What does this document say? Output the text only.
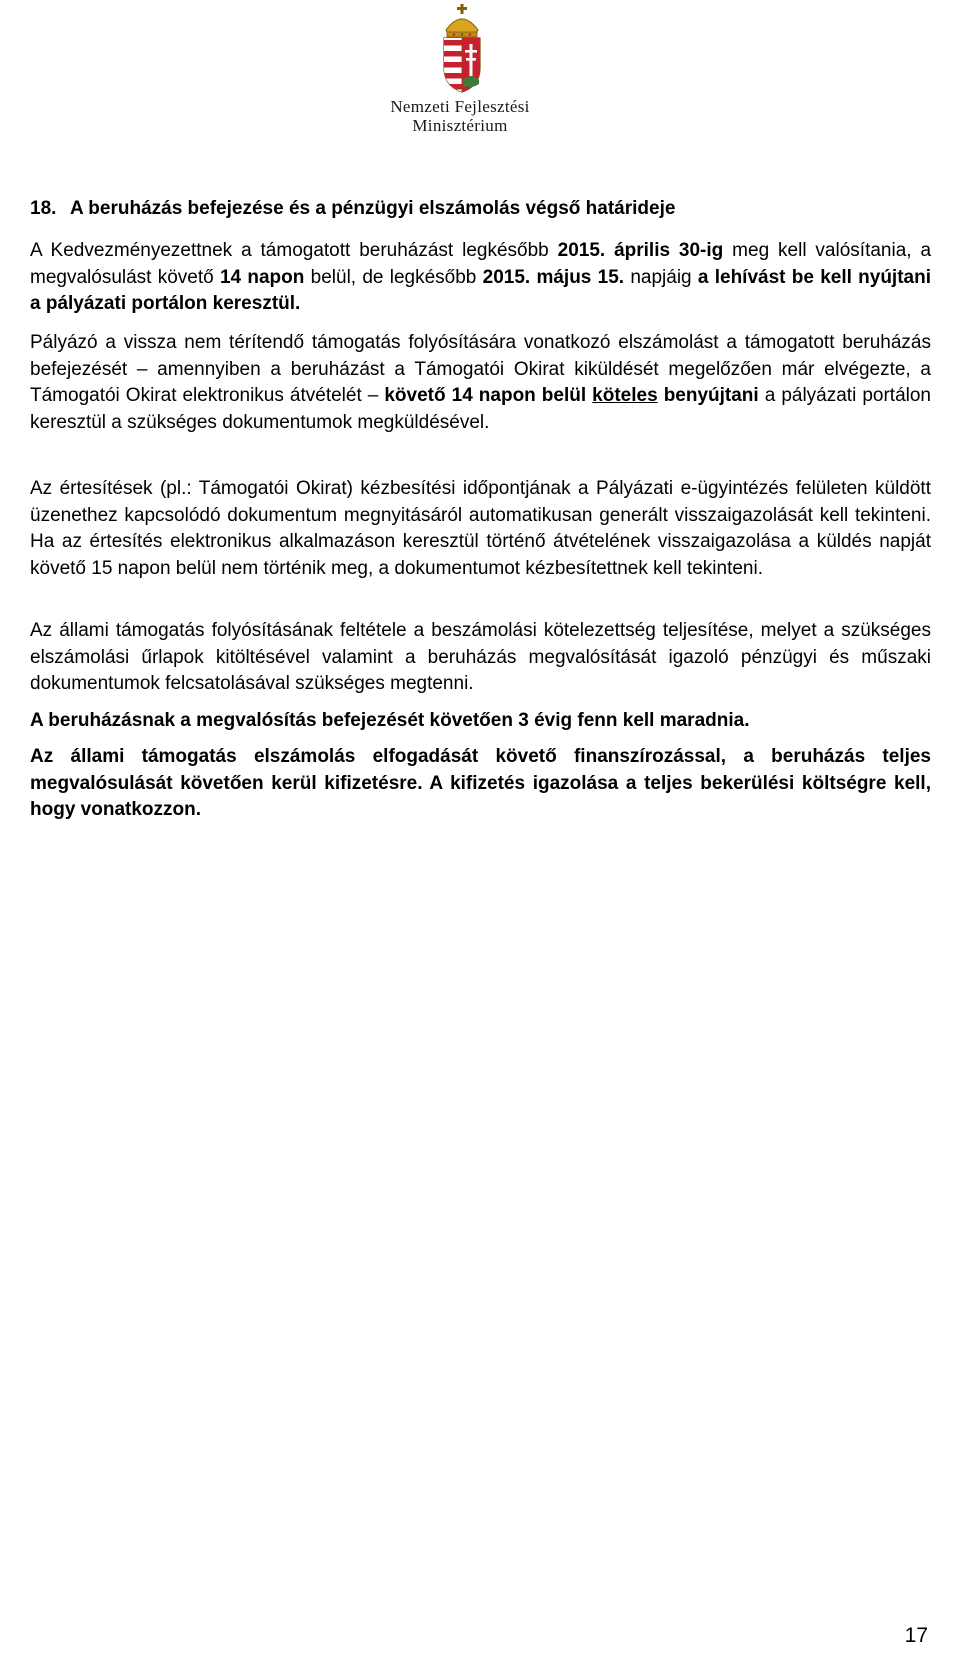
Nemzeti Fejlesztési
Minisztérium
18. A beruházás befejezése és a pénzügyi elszámolás végső határideje

A Kedvezményezettnek a támogatott beruházást legkésőbb 2015. április 30-ig meg kell valósítania, a megvalósulást követő 14 napon belül, de legkésőbb 2015. május 15. napjáig a lehívást be kell nyújtani a pályázati portálon keresztül.

Pályázó a vissza nem térítendő támogatás folyósítására vonatkozó elszámolást a támogatott beruházás befejezését – amennyiben a beruházást a Támogatói Okirat kiküldését megelőzően már elvégezte, a Támogatói Okirat elektronikus átvételét – követő 14 napon belül köteles benyújtani a pályázati portálon keresztül a szükséges dokumentumok megküldésével.

Az értesítések (pl.: Támogatói Okirat) kézbesítési időpontjának a Pályázati e-ügyintézés felületen küldött üzenethez kapcsolódó dokumentum megnyitásáról automatikusan generált visszaigazolását kell tekinteni. Ha az értesítés elektronikus alkalmazáson keresztül történő átvételének visszaigazolása a küldés napját követő 15 napon belül nem történik meg, a dokumentumot kézbesítettnek kell tekinteni.

Az állami támogatás folyósításának feltétele a beszámolási kötelezettség teljesítése, melyet a szükséges elszámolási űrlapok kitöltésével valamint a beruházás megvalósítását igazoló pénzügyi és műszaki dokumentumok felcsatolásával szükséges megtenni.

A beruházásnak a megvalósítás befejezését követően 3 évig fenn kell maradnia.

Az állami támogatás elszámolás elfogadását követő finanszírozással, a beruházás teljes megvalósulását követően kerül kifizetésre. A kifizetés igazolása a teljes bekerülési költségre kell, hogy vonatkozzon.

17
